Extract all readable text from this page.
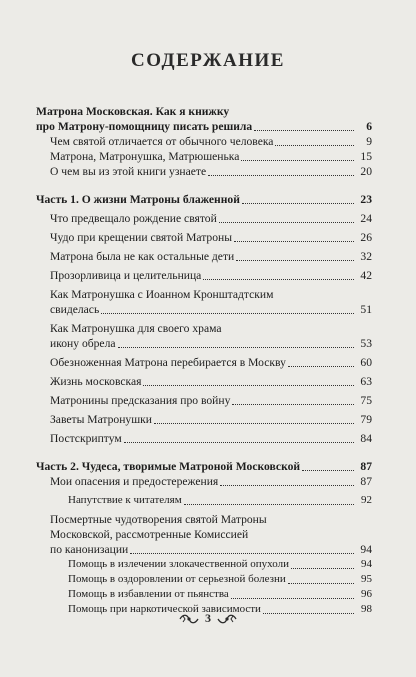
СОДЕРЖАНИЕ
Матрона Московская. Как я книжку
про Матрону-помощницу писать решила	6
Чем святой отличается от обычного человека	9
Матрона, Матронушка, Матрюшенька	15
О чем вы из этой книги узнаете	20
Часть 1. О жизни Матроны блаженной	23
Что предвещало рождение святой	24
Чудо при крещении святой Матроны	26
Матрона была не как остальные дети	32
Прозорливица и целительница	42
Как Матронушка с Иоанном Кронштадтским
свиделась	51
Как Матронушка для своего храма
икону обрела	53
Обезноженная Матрона перебирается в Москву	60
Жизнь московская	63
Матронины предсказания про войну	75
Заветы Матронушки	79
Постскриптум	84
Часть 2. Чудеса, творимые Матроной Московской	87
Мои опасения и предостережения	87
Напутствие к читателям	92
Посмертные чудотворения святой Матроны
Московской, рассмотренные Комиссией
по канонизации	94
Помощь в излечении злокачественной опухоли	94
Помощь в оздоровлении от серьезной болезни	95
Помощь в избавлении от пьянства	96
Помощь при наркотической зависимости	98
3
